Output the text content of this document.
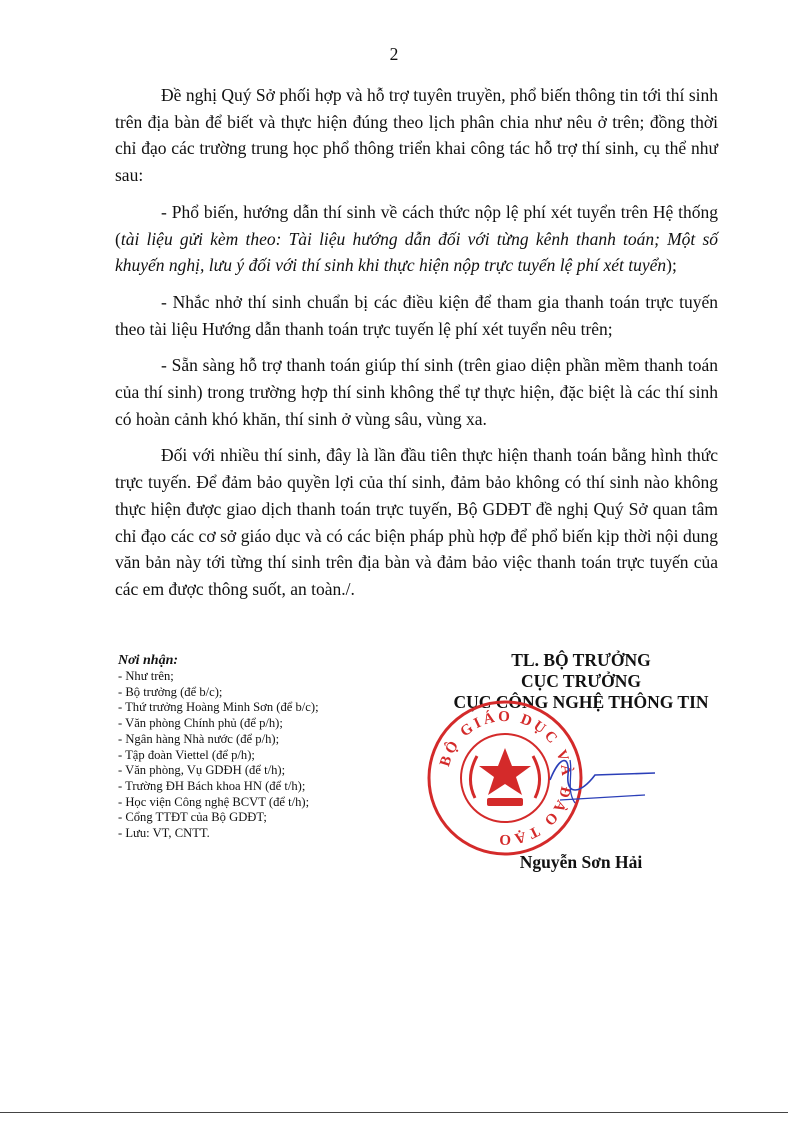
2

Đề nghị Quý Sở phối hợp và hỗ trợ tuyên truyền, phổ biến thông tin tới thí sinh trên địa bàn để biết và thực hiện đúng theo lịch phân chia như nêu ở trên; đồng thời chỉ đạo các trường trung học phổ thông triển khai công tác hỗ trợ thí sinh, cụ thể như sau:

- Phổ biến, hướng dẫn thí sinh về cách thức nộp lệ phí xét tuyển trên Hệ thống (tài liệu gửi kèm theo: Tài liệu hướng dẫn đối với từng kênh thanh toán; Một số khuyến nghị, lưu ý đối với thí sinh khi thực hiện nộp trực tuyến lệ phí xét tuyển);

- Nhắc nhở thí sinh chuẩn bị các điều kiện để tham gia thanh toán trực tuyến theo tài liệu Hướng dẫn thanh toán trực tuyến lệ phí xét tuyển nêu trên;

- Sẵn sàng hỗ trợ thanh toán giúp thí sinh (trên giao diện phần mềm thanh toán của thí sinh) trong trường hợp thí sinh không thể tự thực hiện, đặc biệt là các thí sinh có hoàn cảnh khó khăn, thí sinh ở vùng sâu, vùng xa.

Đối với nhiều thí sinh, đây là lần đầu tiên thực hiện thanh toán bằng hình thức trực tuyến. Để đảm bảo quyền lợi của thí sinh, đảm bảo không có thí sinh nào không thực hiện được giao dịch thanh toán trực tuyến, Bộ GDĐT đề nghị Quý Sở quan tâm chỉ đạo các cơ sở giáo dục và có các biện pháp phù hợp để phổ biến kịp thời nội dung văn bản này tới từng thí sinh trên địa bàn và đảm bảo việc thanh toán trực tuyến của các em được thông suốt, an toàn./.

Nơi nhận:
- Như trên;
- Bộ trưởng (để b/c);
- Thứ trưởng Hoàng Minh Sơn (để b/c);
- Văn phòng Chính phủ (để p/h);
- Ngân hàng Nhà nước (để p/h);
- Tập đoàn Viettel (để p/h);
- Văn phòng, Vụ GDĐH (để t/h);
- Trường ĐH Bách khoa HN (để t/h);
- Học viện Công nghệ BCVT (để t/h);
- Cổng TTĐT của Bộ GDĐT;
- Lưu: VT, CNTT.
TL. BỘ TRƯỞNG
CỤC TRƯỞNG
CỤC CÔNG NGHỆ THÔNG TIN
BỘ GIÁO DỤC VÀ ĐÀO TẠO
Nguyễn Sơn Hải
